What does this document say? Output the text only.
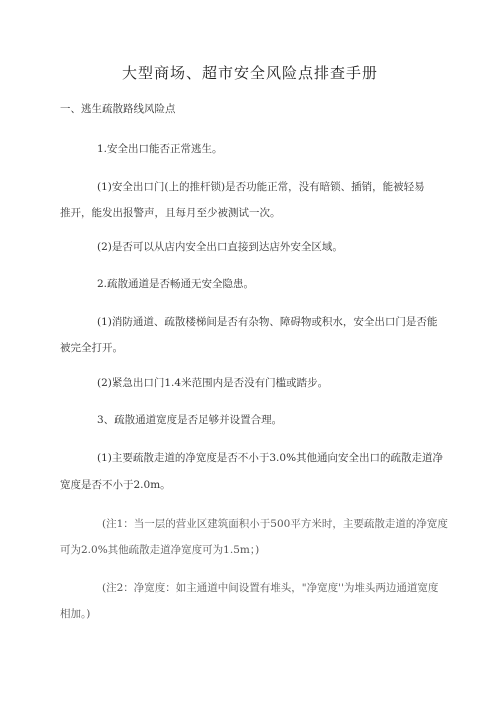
大型商场、超市安全风险点排查手册
一、逃生疏散路线风险点
1.安全出口能否正常逃生。
(1)安全出口门(上的推杆锁)是否功能正常，没有暗锁、插销，能被轻易
推开，能发出报警声，且每月至少被测试一次。
(2)是否可以从店内安全出口直接到达店外安全区域。
2.疏散通道是否畅通无安全隐患。
(1)消防通道、疏散楼梯间是否有杂物、障碍物或积水，安全出口门是否能
被完全打开。
(2)紧急出口门1.4米范围内是否没有门槛或踏步。
3、疏散通道宽度是否足够并设置合理。
(1)主要疏散走道的净宽度是否不小于3.0%其他通向安全出口的疏散走道净
宽度是否不小于2.0m。
(注1：当一层的营业区建筑面积小于500平方米时，主要疏散走道的净宽度
可为2.0%其他疏散走道净宽度可为1.5m；)
(注2：净宽度：如主通道中间设置有堆头，"净宽度''为堆头两边通道宽度
相加。)
